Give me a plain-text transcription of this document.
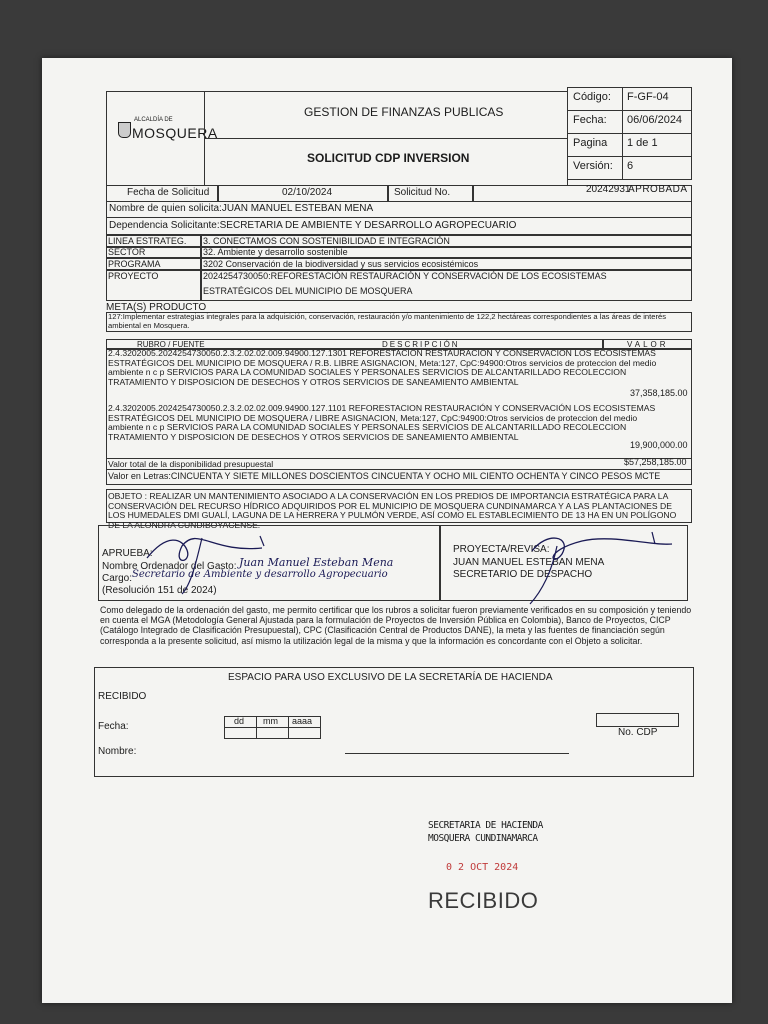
ALCALDÍA DE
MOSQUERA
GESTION DE FINANZAS PUBLICAS
SOLICITUD CDP INVERSION
Código: F-GF-04
Fecha: 06/06/2024
Pagina 1 de 1
Versión: 6
Fecha de Solicitud	02/10/2024	Solicitud No.	20242931
APROBADA
Nombre de quien solicita:JUAN MANUEL ESTEBAN MENA
Dependencia Solicitante:SECRETARIA DE AMBIENTE Y DESARROLLO AGROPECUARIO
LINEA ESTRATEG. 3. CONECTAMOS CON SOSTENIBILIDAD E INTEGRACIÓN
SECTOR	32. Ambiente y desarrollo sostenible
PROGRAMA	3202 Conservación de la biodiversidad y sus servicios ecosistémicos
PROYECTO	2024254730050:REFORESTACIÓN RESTAURACIÓN Y CONSERVACIÓN DE LOS ECOSISTEMAS
ESTRATÉGICOS DEL MUNICIPIO DE MOSQUERA
META(S) PRODUCTO
127:Implementar estrategias integrales para la adquisición, conservación, restauración y/o mantenimiento de 122,2 hectáreas correspondientes a las áreas de interés ambiental en Mosquera.
RUBRO / FUENTE	DESCRIPCIÓN	VALOR
2.4.3202005.2024254730050.2.3.2.02.02.009.94900.127.1301 REFORESTACION RESTAURACION Y CONSERVACION LOS ECOSISTEMAS ESTRATÉGICOS DEL MUNICIPIO DE MOSQUERA / R.B. LIBRE ASIGNACION, Meta:127, CpC:94900:Otros servicios de proteccion del medio ambiente n c p SERVICIOS PARA LA COMUNIDAD SOCIALES Y PERSONALES SERVICIOS DE ALCANTARILLADO RECOLECCION TRATAMIENTO Y DISPOSICION DE DESECHOS Y OTROS SERVICIOS DE SANEAMIENTO AMBIENTAL
37,358,185.00
2.4.3202005.2024254730050.2.3.2.02.02.009.94900.127.1101 REFORESTACION RESTAURACIÓN Y CONSERVACIÓN LOS ECOSISTEMAS ESTRATÉGICOS DEL MUNICIPIO DE MOSQUERA / LIBRE ASIGNACION, Meta:127, CpC:94900:Otros servicios de proteccion del medio ambiente n c p SERVICIOS PARA LA COMUNIDAD SOCIALES Y PERSONALES SERVICIOS DE ALCANTARILLADO RECOLECCION TRATAMIENTO Y DISPOSICION DE DESECHOS Y OTROS SERVICIOS DE SANEAMIENTO AMBIENTAL
19,900,000.00
Valor total de la disponibilidad presupuestal	$57,258,185.00
Valor en Letras:CINCUENTA Y SIETE MILLONES DOSCIENTOS CINCUENTA Y OCHO MIL CIENTO OCHENTA Y CINCO PESOS MCTE
OBJETO : REALIZAR UN MANTENIMIENTO ASOCIADO A LA CONSERVACIÓN EN LOS PREDIOS DE IMPORTANCIA ESTRATÉGICA PARA LA CONSERVACIÓN DEL RECURSO HÍDRICO ADQUIRIDOS POR EL MUNICIPIO DE MOSQUERA CUNDINAMARCA Y A LAS PLANTACIONES DE LOS HUMEDALES DMI GUALÍ, LAGUNA DE LA HERRERA Y PULMÓN VERDE, ASÍ COMO EL ESTABLECIMIENTO DE 13 HA EN UN POLÍGONO DE LA ALONDRA CUNDIBOYACENSE.
APRUEBA:
Nombre Ordenador del Gasto: Juan Manuel Esteban Mena
Cargo: Secretario de Ambiente y desarrollo Agropecuario
(Resolución 151 de 2024)
PROYECTA/REVISA:
JUAN MANUEL ESTEBAN MENA
SECRETARIO DE DESPACHO
Como delegado de la ordenación del gasto, me permito certificar que los rubros a solicitar fueron previamente verificados en su composición y teniendo en cuenta el MGA (Metodología General Ajustada para la formulación de Proyectos de Inversión Pública en Colombia), Banco de Proyectos, CICP (Catálogo Integrado de Clasificación Presupuestal), CPC (Clasificación Central de Productos DANE), la meta y las fuentes de financiación según corresponda a la presente solicitud, así mismo la utilización legal de la misma y que la información es concordante con el Objeto a solicitar.
ESPACIO PARA USO EXCLUSIVO DE LA SECRETARÍA DE HACIENDA
RECIBIDO
Fecha:	dd mm aaaa
Nombre:
No. CDP
SECRETARIA DE HACIENDA
MOSQUERA CUNDINAMARCA
0 2 OCT 2024
RECIBIDO
